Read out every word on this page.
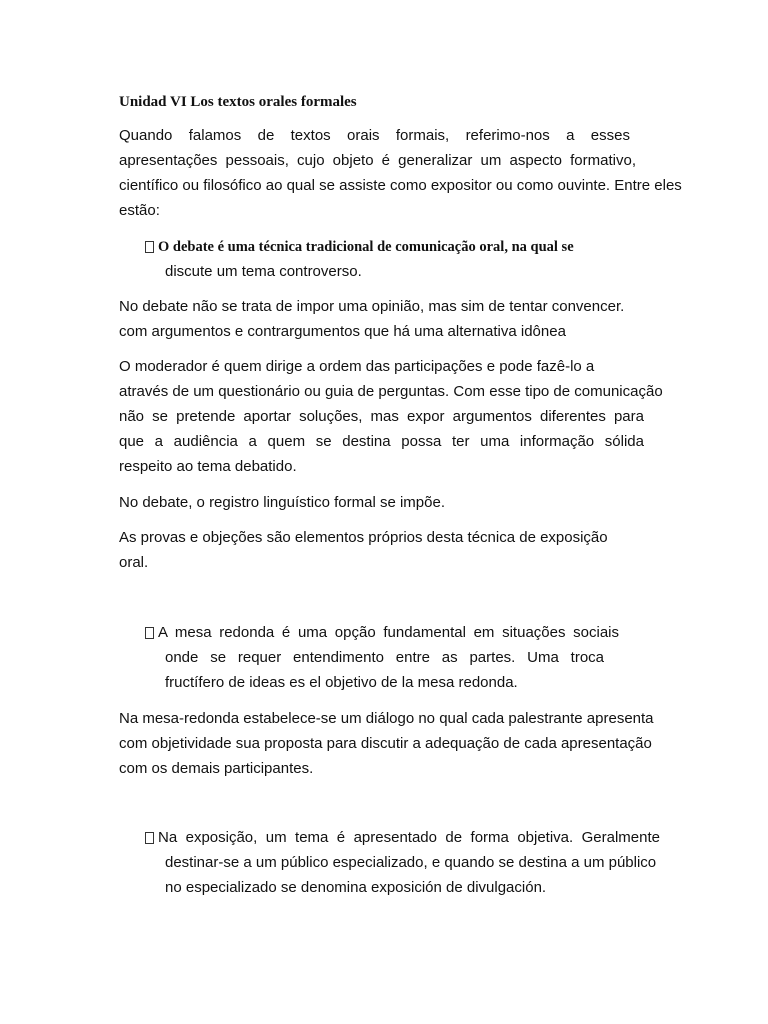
Unidad VI Los textos orales formales
Quando falamos de textos orais formais, referimo-nos a esses
apresentações pessoais, cujo objeto é generalizar um aspecto formativo,
científico ou filosófico ao qual se assiste como expositor ou como ouvinte. Entre eles
estão:
O debate é uma técnica tradicional de comunicação oral, na qual se
discute um tema controverso.
No debate não se trata de impor uma opinião, mas sim de tentar convencer.
com argumentos e contrargumentos que há uma alternativa idônea
O moderador é quem dirige a ordem das participações e pode fazê-lo a
através de um questionário ou guia de perguntas. Com esse tipo de comunicação
não se pretende aportar soluções, mas expor argumentos diferentes para
que a audiência a quem se destina possa ter uma informação sólida
respeito ao tema debatido.
No debate, o registro linguístico formal se impõe.
As provas e objeções são elementos próprios desta técnica de exposição
oral.
A mesa redonda é uma opção fundamental em situações sociais
onde se requer entendimento entre as partes. Uma troca
fructífero de ideas es el objetivo de la mesa redonda.
Na mesa-redonda estabelece-se um diálogo no qual cada palestrante apresenta
com objetividade sua proposta para discutir a adequação de cada apresentação
com os demais participantes.
Na exposição, um tema é apresentado de forma objetiva. Geralmente
destinar-se a um público especializado, e quando se destina a um público
no especializado se denomina exposición de divulgación.
